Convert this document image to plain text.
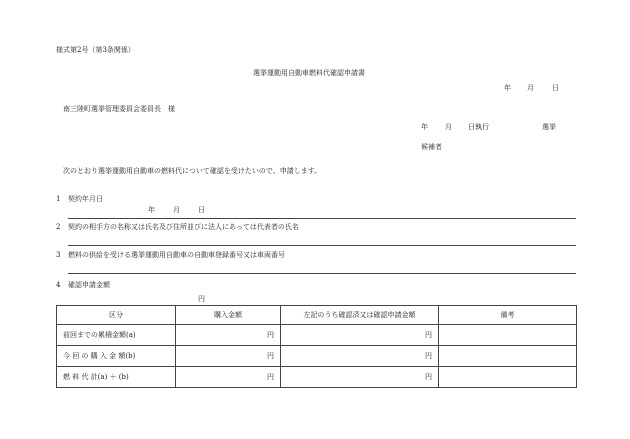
様式第2号（第3条関係）
選挙運動用自動車燃料代確認申請書
年 月	日
南三陸町選挙管理委員会委員長　様
年 月 日執行	選挙
候補者
次のとおり選挙運動用自動車の燃料代について確認を受けたいので、申請します。
1 契約年月日
年	月	日
2 契約の相手方の名称又は氏名及び住所並びに法人にあっては代表者の氏名
3 燃料の供給を受ける選挙運動用自動車の自動車登録番号又は車両番号
4 確認申請金額
円
区分	購入金額	左記のうち確認済又は確認申請金額	備考
前回までの累積金額(a)	円	円	
今 回 の 購 入 金 額(b)	円	円	
燃 料 代 計(a) ＋ (b)	円	円	
